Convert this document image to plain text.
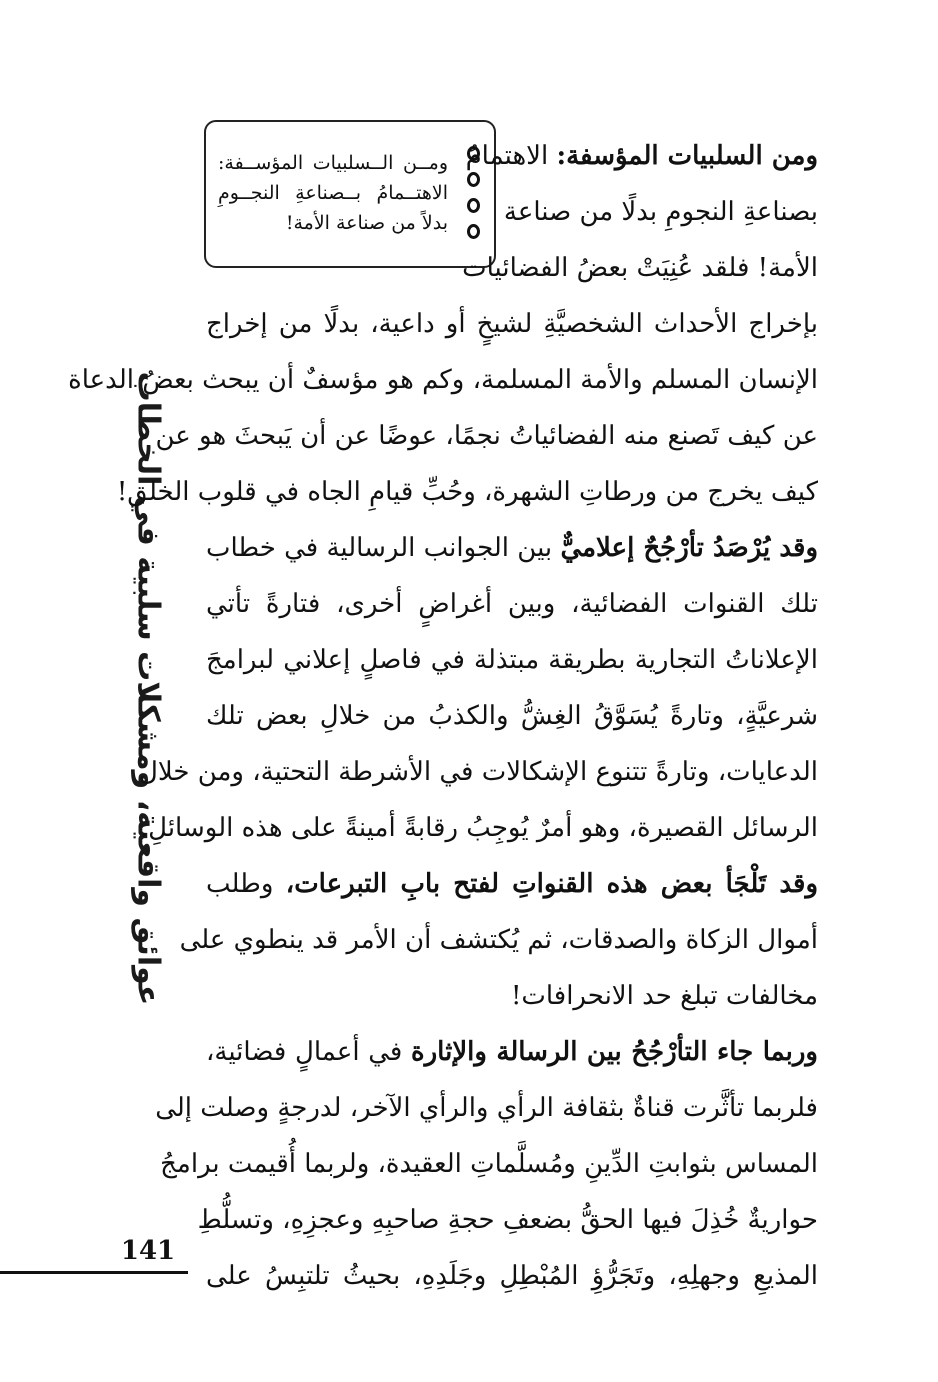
عوائق واقعية، ومشكلات سلبية في الخطاب
141
ومــن الــسلبيات المؤســفة:
الاهتــمامُ بــصناعةِ النجــومِ
بدلاً من صناعة الأمة!
ومن السلبيات المؤسفة: الاهتمامُ
بصناعةِ النجومِ بدلًا من صناعة
الأمة! فلقد عُنِيَتْ بعضُ الفضائيات
بإخراج الأحداث الشخصيَّةِ لشيخٍ أو داعية، بدلًا من إخراج
الإنسان المسلم والأمة المسلمة، وكم هو مؤسفٌ أن يبحث بعضُ الدعاة
عن كيف تَصنع منه الفضائياتُ نجمًا، عوضًا عن أن يَبحثَ هو عن
كيف يخرج من ورطاتِ الشهرة، وحُبِّ قيامِ الجاه في قلوب الخلق!
وقد يُرْصَدُ تأرْجُحٌ إعلاميٌّ بين الجوانب الرسالية في خطاب
تلك القنوات الفضائية، وبين أغراضٍ أخرى، فتارةً تأتي
الإعلاناتُ التجارية بطريقة مبتذلة في فاصلٍ إعلاني لبرامجَ
شرعيَّةٍ، وتارةً يُسَوَّقُ الغِشُّ والكذبُ من خلالِ بعض تلك
الدعايات، وتارةً تتنوع الإشكالات في الأشرطة التحتية، ومن خلال
الرسائل القصيرة، وهو أمرٌ يُوجِبُ رقابةً أمينةً على هذه الوسائلِ.
وقد تَلْجَأ بعض هذه القنواتِ لفتح بابِ التبرعات، وطلب
أموال الزكاة والصدقات، ثم يُكتشف أن الأمر قد ينطوي على
مخالفات تبلغ حد الانحرافات!
وربما جاء التأرْجُحُ بين الرسالة والإثارة في أعمالٍ فضائية،
فلربما تأثَّرت قناةٌ بثقافة الرأي والرأي الآخر، لدرجةٍ وصلت إلى
المساس بثوابتِ الدِّينِ ومُسلَّماتِ العقيدة، ولربما أُقيمت برامجُ
حواريةٌ خُذِلَ فيها الحقُّ بضعفِ حجةِ صاحبِهِ وعجزِهِ، وتسلُّطِ
المذيعِ وجهلِهِ، وتَجَرُّؤِ المُبْطِلِ وجَلَدِهِ، بحيثُ تلتبِسُ على
